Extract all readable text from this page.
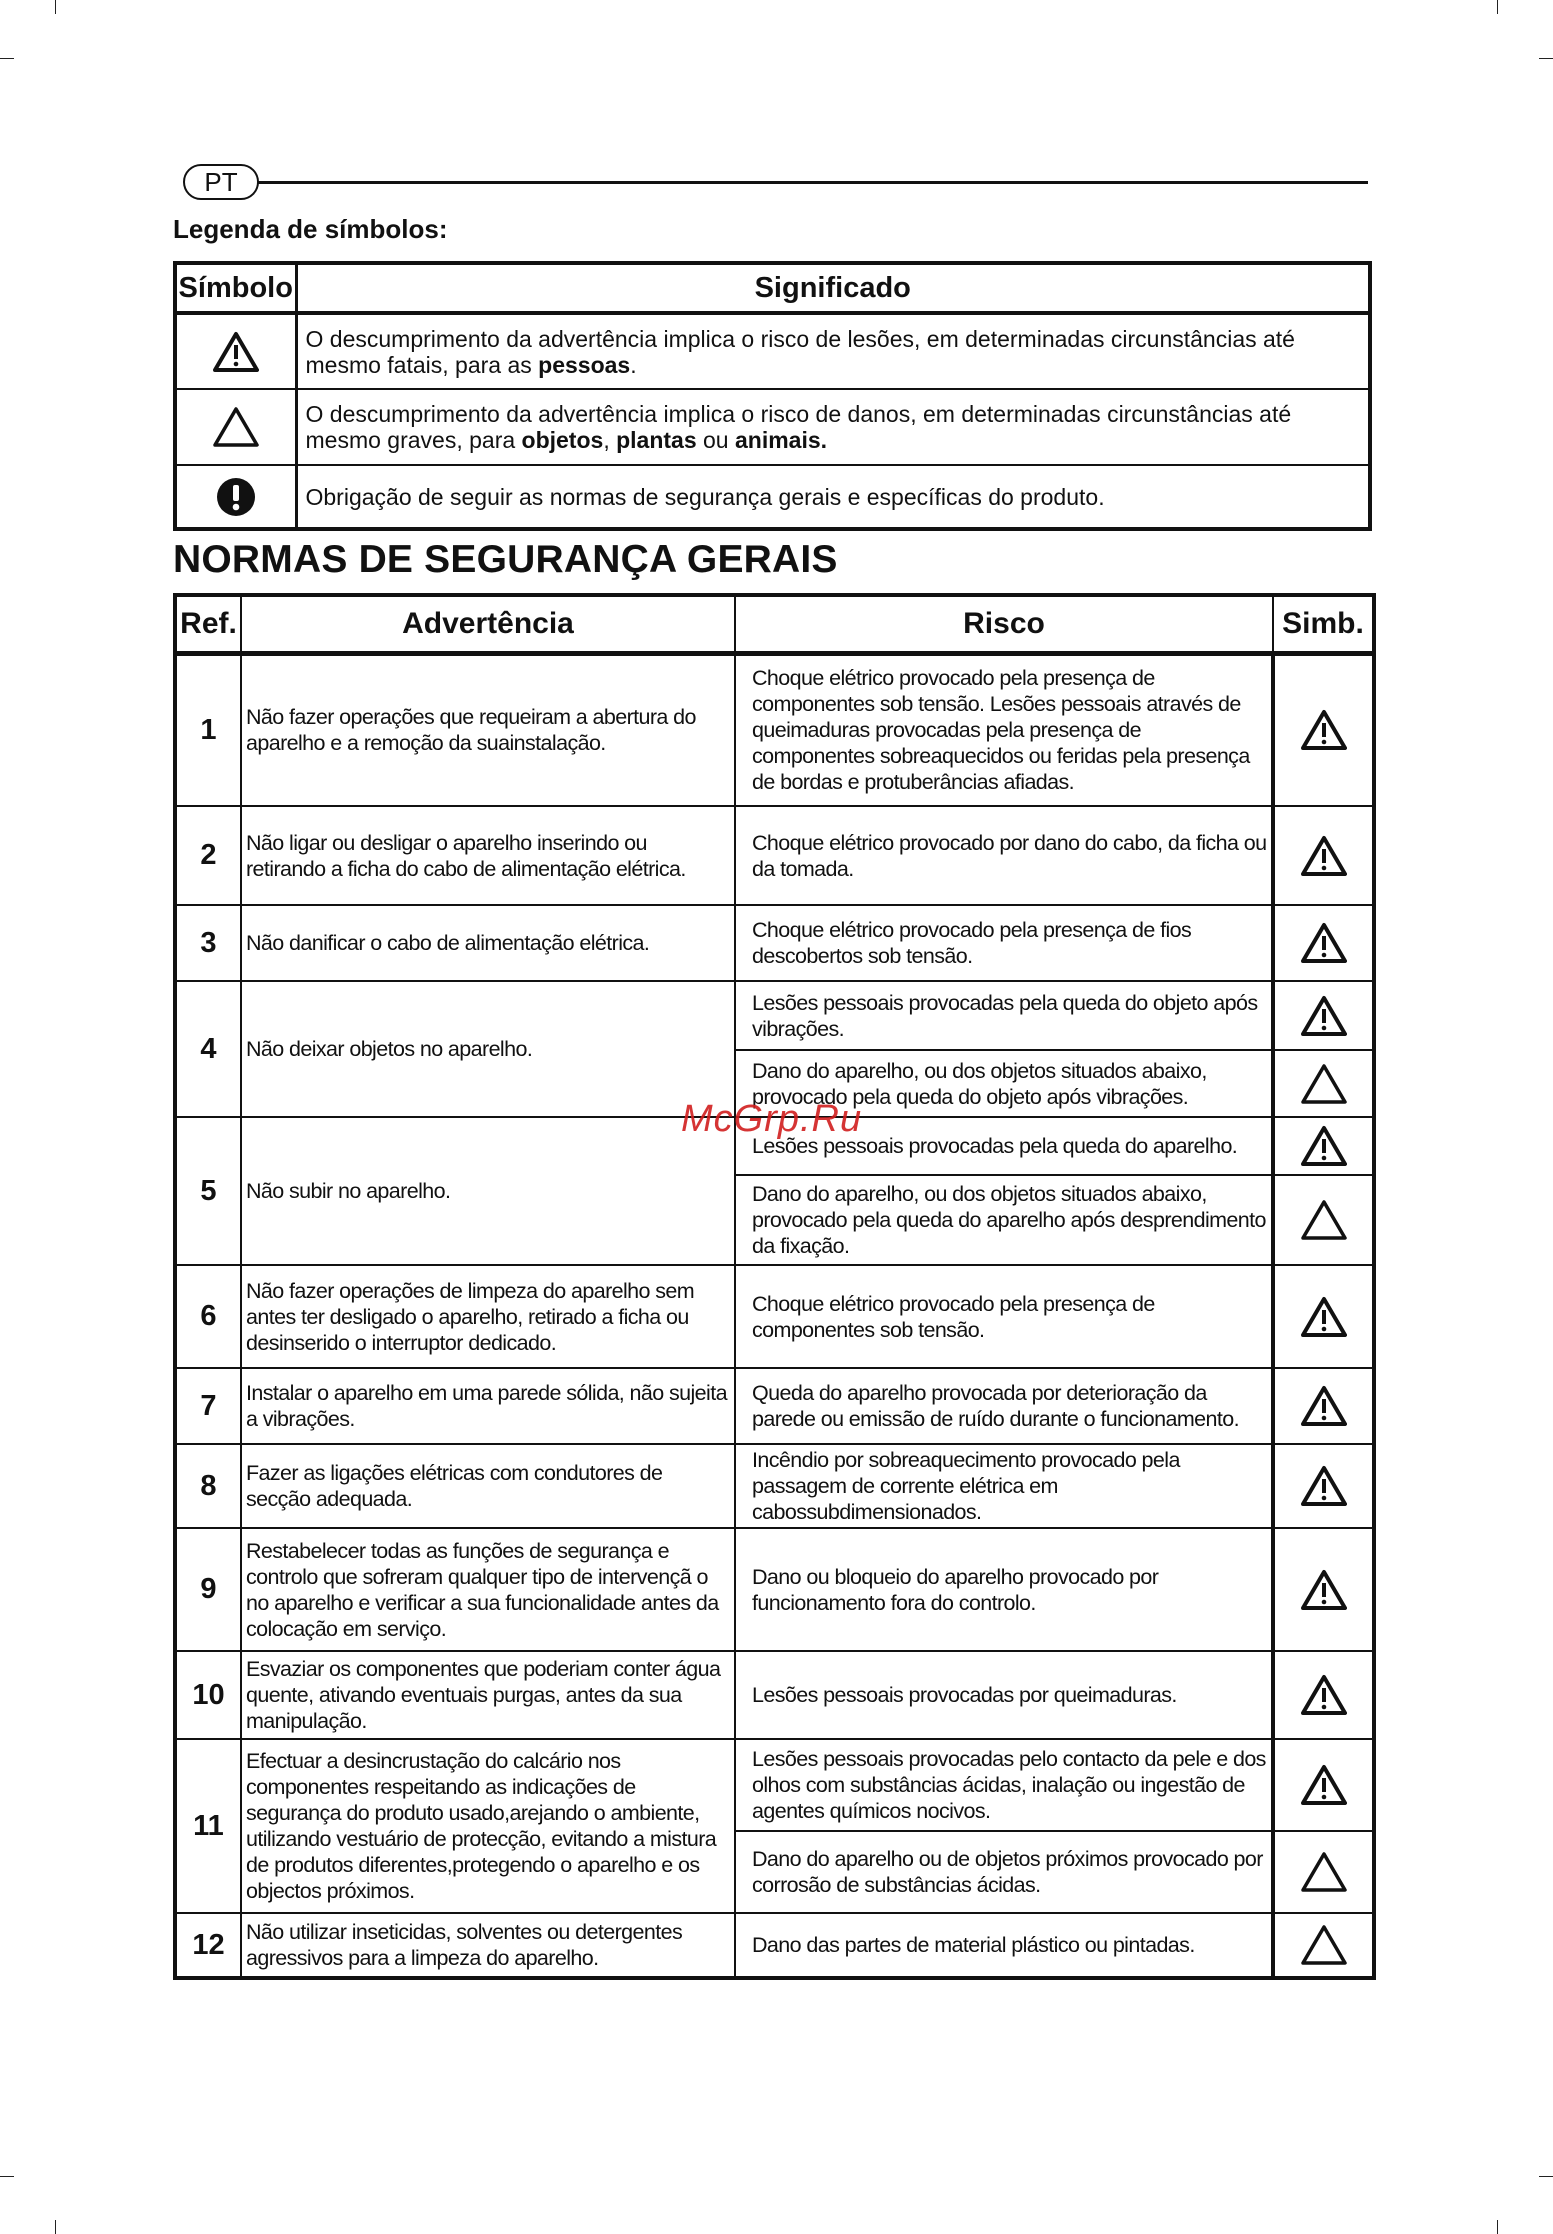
PT
Legenda de símbolos:
Símbolo	Significado

	O descumprimento da advertência implica o risco de lesões, em determinadas circunstâncias até mesmo fatais, para as pessoas.

	O descumprimento da advertência implica o risco de danos, em determinadas circunstâncias até mesmo graves, para objetos, plantas ou animais.

	Obrigação de seguir as normas de segurança gerais e específicas do produto.
NORMAS DE SEGURANÇA GERAIS
Ref.	Advertência	Risco	Simb.
1	Não fazer operações que requeiram a abertura do aparelho e a remoção da suainstalação.	Choque elétrico provocado pela presença de componentes sob tensão. Lesões pessoais através de queimaduras provocadas pela presença de componentes sobreaquecidos ou feridas pela presença de bordas e protuberâncias afiadas.	

2	Não ligar ou desligar o aparelho inserindo ou retirando a ficha do cabo de alimentação elétrica.	Choque elétrico provocado por dano do cabo, da ficha ou da tomada.	

3	Não danificar o cabo de alimentação elétrica.	Choque elétrico provocado pela presença de fios descobertos sob tensão.	

4	Não deixar objetos no aparelho.	Lesões pessoais provocadas pela queda do objeto após vibrações.	

		Dano do aparelho, ou dos objetos situados abaixo, provocado pela queda do objeto após vibrações.	

5	Não subir no aparelho.	Lesões pessoais provocadas pela queda do aparelho.	

		Dano do aparelho, ou dos objetos situados abaixo, provocado pela queda do aparelho após desprendimento da fixação.	

6	Não fazer operações de limpeza do aparelho sem antes ter desligado o aparelho, retirado a ficha ou desinserido o interruptor dedicado.	Choque elétrico provocado pela presença de componentes sob tensão.	

7	Instalar o aparelho em uma parede sólida, não sujeita a vibrações.	Queda do aparelho provocada por deterioração da parede ou emissão de ruído durante o funcionamento.	

8	Fazer as ligações elétricas com condutores de secção adequada.	Incêndio por sobreaquecimento provocado pela passagem de corrente elétrica em cabossubdimensionados.	

9	Restabelecer todas as funções de segurança e controlo que sofreram qualquer tipo de intervençã o no aparelho e verificar a sua funcionalidade antes da colocação em serviço.	Dano ou bloqueio do aparelho provocado por funcionamento fora do controlo.	

10	Esvaziar os componentes que poderiam conter água quente, ativando eventuais purgas, antes da sua manipulação.	Lesões pessoais provocadas por queimaduras.	

11	Efectuar a desincrustação do calcário nos componentes respeitando as indicações de segurança do produto usado,arejando o ambiente, utilizando vestuário de protecção, evitando a mistura de produtos diferentes,protegendo o aparelho e os objectos próximos.	Lesões pessoais provocadas pelo contacto da pele e dos olhos com substâncias ácidas, inalação ou ingestão de agentes químicos nocivos.	

		Dano do aparelho ou de objetos próximos provocado por corrosão de substâncias ácidas.	

12	Não utilizar inseticidas, solventes ou detergentes agressivos para a limpeza do aparelho.	Dano das partes de material plástico ou pintadas.	
McGrp.Ru
